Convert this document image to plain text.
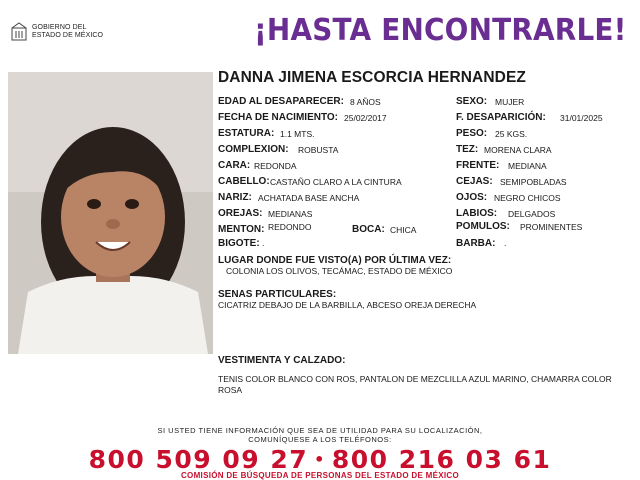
GOBIERNO DEL
ESTADO DE MÉXICO	¡HASTA ENCONTRARLE!
DANNA JIMENA ESCORCIA HERNANDEZ
EDAD AL DESAPARECER: 8 AÑOS	SEXO: MUJER
FECHA DE NACIMIENTO: 25/02/2017	F. DESAPARICIÓN: 31/01/2025
ESTATURA: 1.1 MTS.	PESO: 25 KGS.
COMPLEXION: ROBUSTA	TEZ: MORENA CLARA
CARA: REDONDA	FRENTE: MEDIANA
CABELLO: CASTAÑO CLARO A LA CINTURA	CEJAS: SEMIPOBLADAS
NARIZ: ACHATADA BASE ANCHA	OJOS: NEGRO CHICOS
OREJAS: MEDIANAS	LABIOS: DELGADOS
MENTON: REDONDO	BOCA: CHICA	POMULOS: PROMINENTES
BIGOTE: .	BARBA: .
LUGAR DONDE FUE VISTO(A) POR ÚLTIMA VEZ:
COLONIA LOS OLIVOS, TECÁMAC, ESTADO DE MÉXICO
SENAS PARTICULARES:
CICATRIZ DEBAJO DE LA BARBILLA, ABCESO OREJA DERECHA
VESTIMENTA Y CALZADO:
TENIS COLOR BLANCO CON ROS, PANTALON DE MEZCLILLA AZUL MARINO, CHAMARRA COLOR ROSA
SI USTED TIENE INFORMACIÓN QUE SEA DE UTILIDAD PARA SU LOCALIZACIÓN,
COMUNÍQUESE A LOS TELÉFONOS:
800 509 09 27 • 800 216 03 61
COMISIÓN DE BÚSQUEDA DE PERSONAS DEL ESTADO DE MÉXICO
